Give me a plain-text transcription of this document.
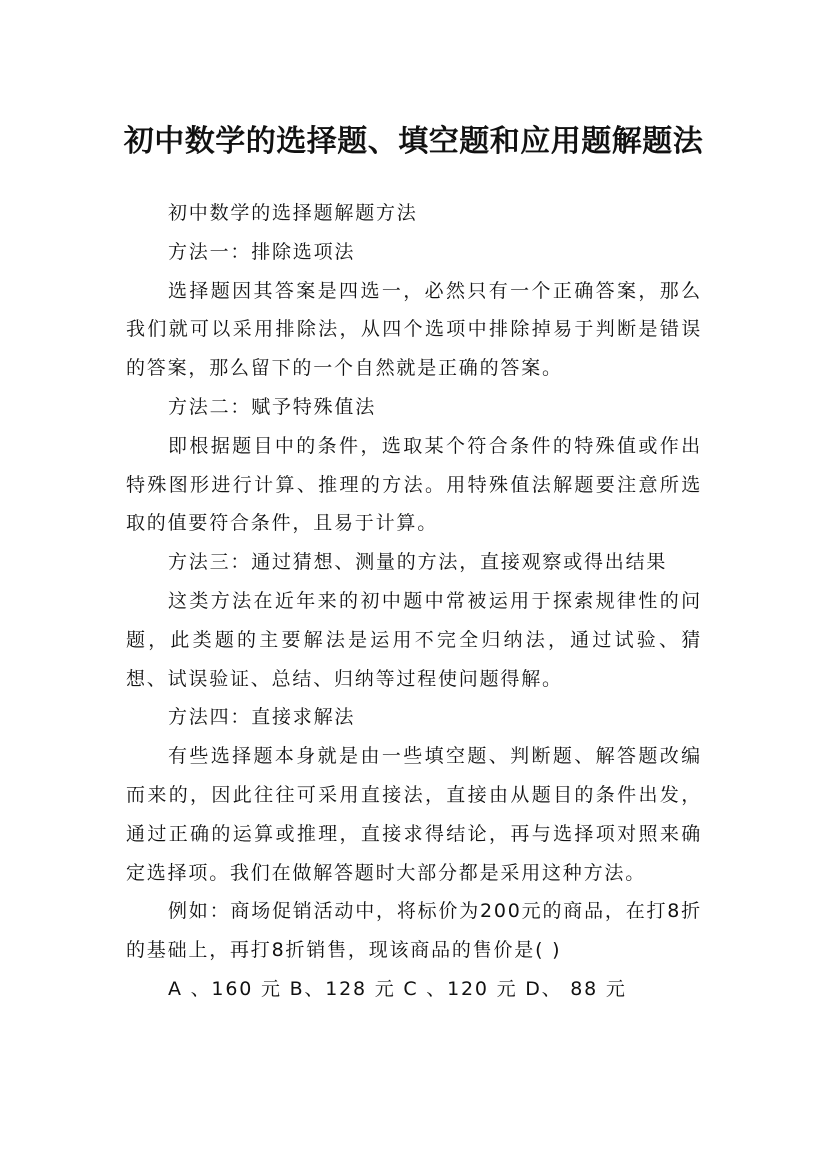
初中数学的选择题、填空题和应用题解题法

初中数学的选择题解题方法

方法一：排除选项法

选择题因其答案是四选一，必然只有一个正确答案，那么我们就可以采用排除法，从四个选项中排除掉易于判断是错误的答案，那么留下的一个自然就是正确的答案。

方法二：赋予特殊值法

即根据题目中的条件，选取某个符合条件的特殊值或作出特殊图形进行计算、推理的方法。用特殊值法解题要注意所选取的值要符合条件，且易于计算。

方法三：通过猜想、测量的方法，直接观察或得出结果

这类方法在近年来的初中题中常被运用于探索规律性的问题，此类题的主要解法是运用不完全归纳法，通过试验、猜想、试误验证、总结、归纳等过程使问题得解。

方法四：直接求解法

有些选择题本身就是由一些填空题、判断题、解答题改编而来的，因此往往可采用直接法，直接由从题目的条件出发，通过正确的运算或推理，直接求得结论，再与选择项对照来确定选择项。我们在做解答题时大部分都是采用这种方法。

例如：商场促销活动中，将标价为200元的商品，在打8折的基础上，再打8折销售，现该商品的售价是( )

A 、160 元 B、128 元 C 、120 元 D、 88 元
